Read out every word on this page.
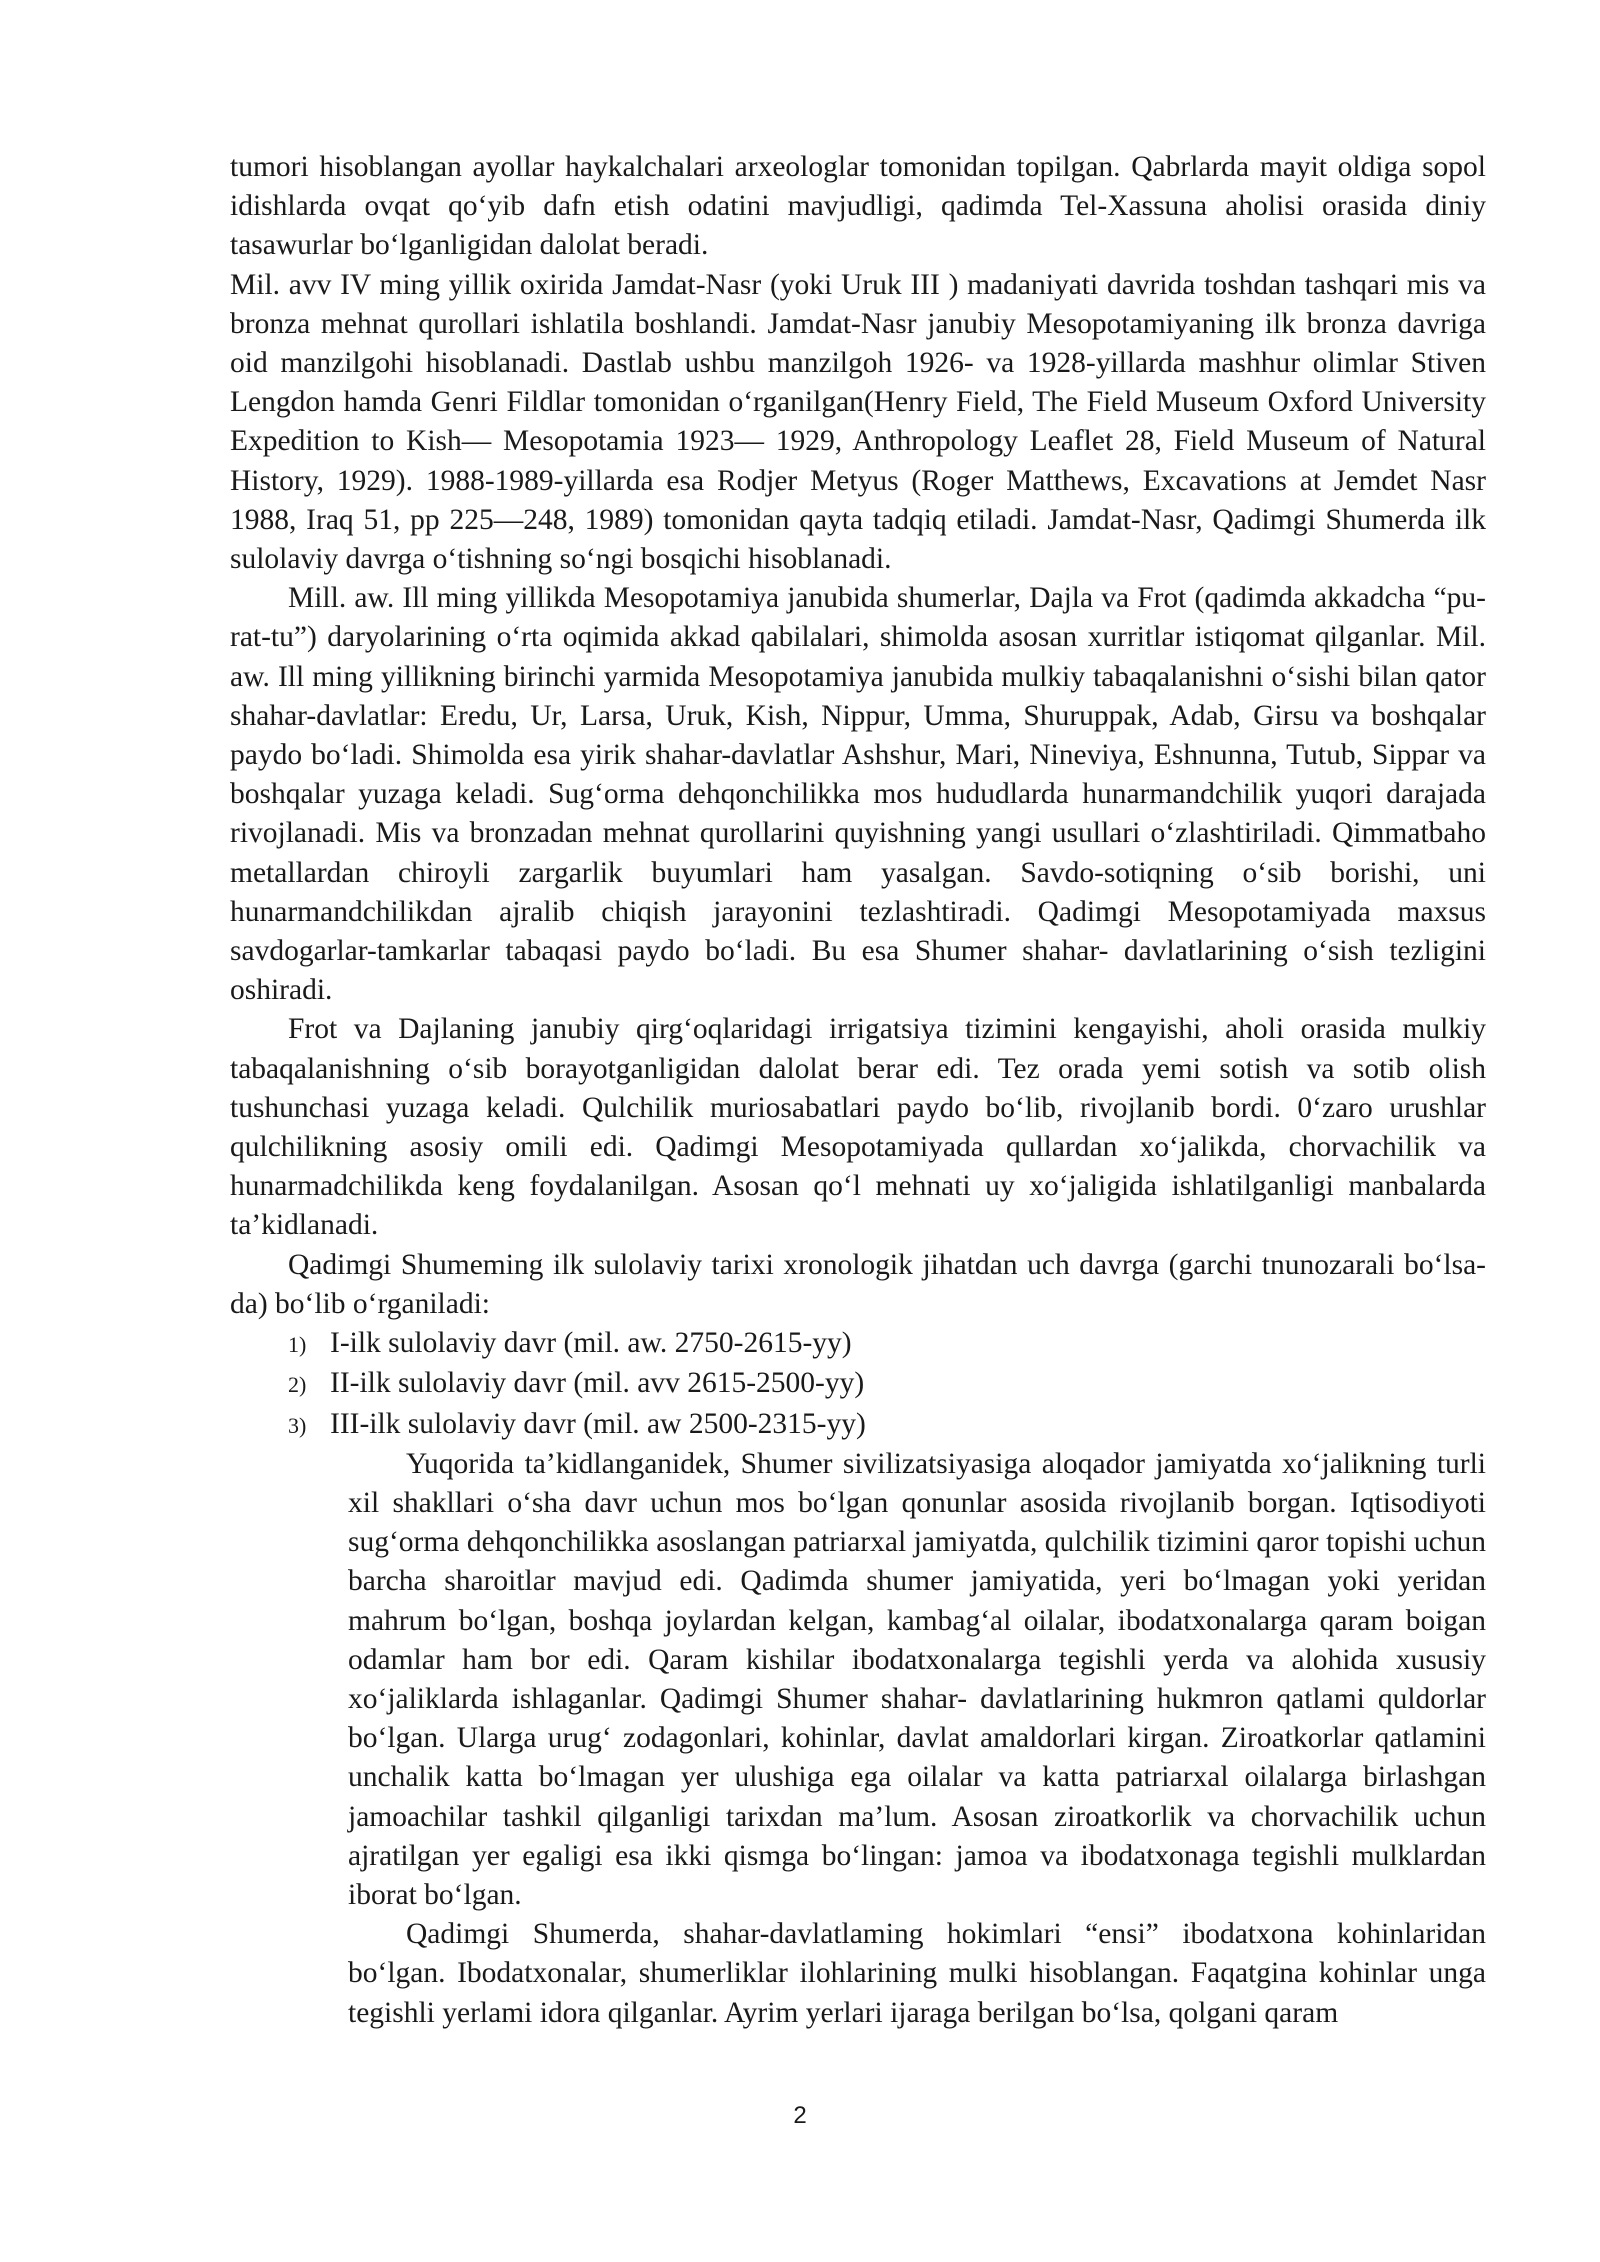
tumori hisoblangan ayollar haykalchalari arxeologlar tomonidan topilgan. Qabrlarda mayit oldiga sopol idishlarda ovqat qo‘yib dafn etish odatini mavjudligi, qadimda Tel-Xassuna aholisi orasida diniy tasawurlar bo‘lganligidan dalolat beradi.

Mil. avv IV ming yillik oxirida Jamdat-Nasr (yoki Uruk III ) madaniyati davrida toshdan tashqari mis va bronza mehnat qurollari ishlatila boshlandi. Jamdat-Nasr janubiy Mesopotamiyaning ilk bronza davriga oid manzilgohi hisoblanadi. Dastlab ushbu manzilgoh 1926- va 1928-yillarda mashhur olimlar Stiven Lengdon hamda Genri Fildlar tomonidan o‘rganilgan(Henry Field, The Field Museum Oxford University Expedition to Kish— Mesopotamia 1923— 1929, Anthropology Leaflet 28, Field Museum of Natural History, 1929). 1988-1989-yillarda esa Rodjer Metyus (Roger Matthews, Excavations at Jemdet Nasr 1988, Iraq 51, pp 225—248, 1989) tomonidan qayta tadqiq etiladi. Jamdat-Nasr, Qadimgi Shumerda ilk sulolaviy davrga o‘tishning so‘ngi bosqichi hisoblanadi.

Mill. aw. Ill ming yillikda Mesopotamiya janubida shumerlar, Dajla va Frot (qadimda akkadcha “pu-rat-tu”) daryolarining o‘rta oqimida akkad qabilalari, shimolda asosan xurritlar istiqomat qilganlar. Mil. aw. Ill ming yillikning birinchi yarmida Mesopotamiya janubida mulkiy tabaqalanishni o‘sishi bilan qator shahar-davlatlar: Eredu, Ur, Larsa, Uruk, Kish, Nippur, Umma, Shuruppak, Adab, Girsu va boshqalar paydo bo‘ladi. Shimolda esa yirik shahar-davlatlar Ashshur, Mari, Nineviya, Eshnunna, Tutub, Sippar va boshqalar yuzaga keladi. Sug‘orma dehqonchilikka mos hududlarda hunarmandchilik yuqori darajada rivojlanadi. Mis va bronzadan mehnat qurollarini quyishning yangi usullari o‘zlashtiriladi. Qimmatbaho metallardan chiroyli zargarlik buyumlari ham yasalgan. Savdo-sotiqning o‘sib borishi, uni hunarmandchilikdan ajralib chiqish jarayonini tezlashtiradi. Qadimgi Mesopotamiyada maxsus savdogarlar-tamkarlar tabaqasi paydo bo‘ladi. Bu esa Shumer shahar- davlatlarining o‘sish tezligini oshiradi.

Frot va Dajlaning janubiy qirg‘oqlaridagi irrigatsiya tizimini kengayishi, aholi orasida mulkiy tabaqalanishning o‘sib borayotganligidan dalolat berar edi. Tez orada yemi sotish va sotib olish tushunchasi yuzaga keladi. Qulchilik muriosabatlari paydo bo‘lib, rivojlanib bordi. 0‘zaro urushlar qulchilikning asosiy omili edi. Qadimgi Mesopotamiyada qullardan xo‘jalikda, chorvachilik va hunarmadchilikda keng foydalanilgan. Asosan qo‘l mehnati uy xo‘jaligida ishlatilganligi manbalarda ta’kidlanadi.

Qadimgi Shumeming ilk sulolaviy tarixi xronologik jihatdan uch davrga (garchi tnunozarali bo‘lsa-da) bo‘lib o‘rganiladi:

1) I-ilk sulolaviy davr (mil. aw. 2750-2615-yy)
2) II-ilk sulolaviy davr (mil. avv 2615-2500-yy)
3) III-ilk sulolaviy davr (mil. aw 2500-2315-yy)

Yuqorida ta’kidlanganidek, Shumer sivilizatsiyasiga aloqador jamiyatda xo‘jalikning turli xil shakllari o‘sha davr uchun mos bo‘lgan qonunlar asosida rivojlanib borgan. Iqtisodiyoti sug‘orma dehqonchilikka asoslangan patriarxal jamiyatda, qulchilik tizimini qaror topishi uchun barcha sharoitlar mavjud edi. Qadimda shumer jamiyatida, yeri bo‘lmagan yoki yeridan mahrum bo‘lgan, boshqa joylardan kelgan, kambag‘al oilalar, ibodatxonalarga qaram boigan odamlar ham bor edi. Qaram kishilar ibodatxonalarga tegishli yerda va alohida xususiy xo‘jaliklarda ishlaganlar. Qadimgi Shumer shahar- davlatlarining hukmron qatlami quldorlar bo‘lgan. Ularga urug‘ zodagonlari, kohinlar, davlat amaldorlari kirgan. Ziroatkorlar qatlamini unchalik katta bo‘lmagan yer ulushiga ega oilalar va katta patriarxal oilalarga birlashgan jamoachilar tashkil qilganligi tarixdan ma’lum. Asosan ziroatkorlik va chorvachilik uchun ajratilgan yer egaligi esa ikki qismga bo‘lingan: jamoa va ibodatxonaga tegishli mulklardan iborat bo‘lgan.

Qadimgi Shumerda, shahar-davlatlaming hokimlari “ensi” ibodatxona kohinlaridan bo‘lgan. Ibodatxonalar, shumerliklar ilohlarining mulki hisoblangan. Faqatgina kohinlar unga tegishli yerlami idora qilganlar. Ayrim yerlari ijaraga berilgan bo‘lsa, qolgani qaram

2
